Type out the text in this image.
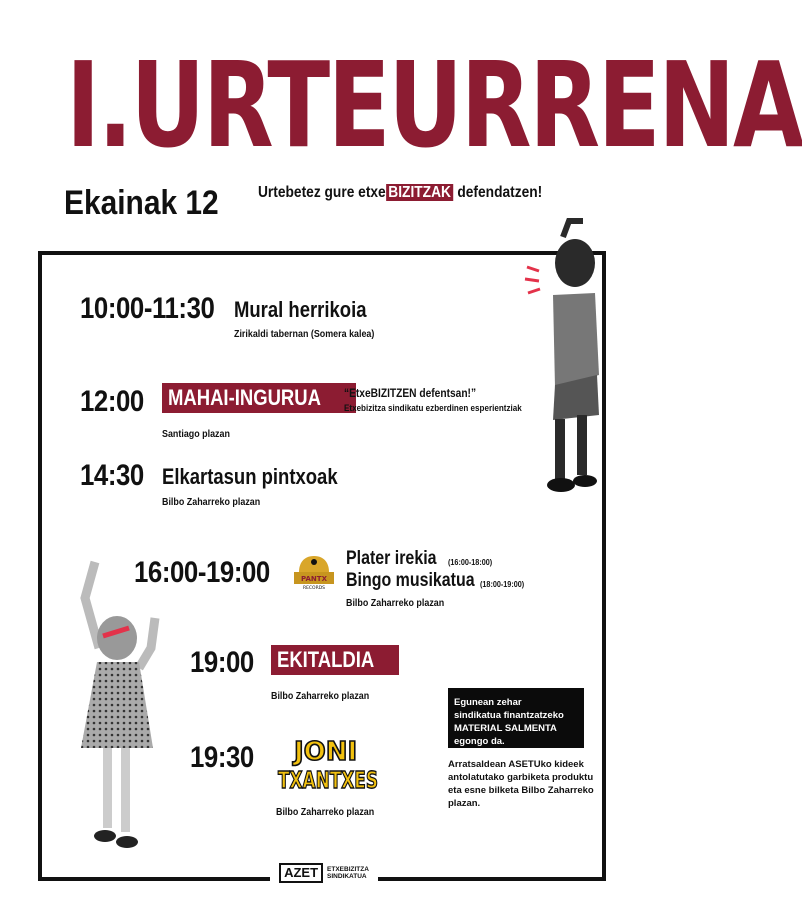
I.URTEURRENA
Ekainak 12 Urtebetez gure etxe BIZITZAK defendatzen!
10:00-11:30 Mural herrikoia
Zirikaldi tabernan (Somera kalea)
12:00 MAHAI-INGURUA	“EtxeBIZITZEN defentsan!”
Etxebizitza sindikatu ezberdinen esperientziak
Santiago plazan
14:30 Elkartasun pintxoak
Bilbo Zaharreko plazan
16:00-19:00	PANTX
RECORDS
Plater irekia (16:00-18:00)
Bingo musikatua (18:00-19:00)
Bilbo Zaharreko plazan
19:00 EKITALDIA
Bilbo Zaharreko plazan
19:30 JONI
TXANTXES
Bilbo Zaharreko plazan
Egunean zehar
sindikatua finantzatzeko
MATERIAL SALMENTA egongo da.
Arratsaldean ASETUko kideek antolatutako garbiketa produktu eta esne bilketa Bilbo Zaharreko plazan.
AZET	ETXEBIZITZA
SINDIKATUA
